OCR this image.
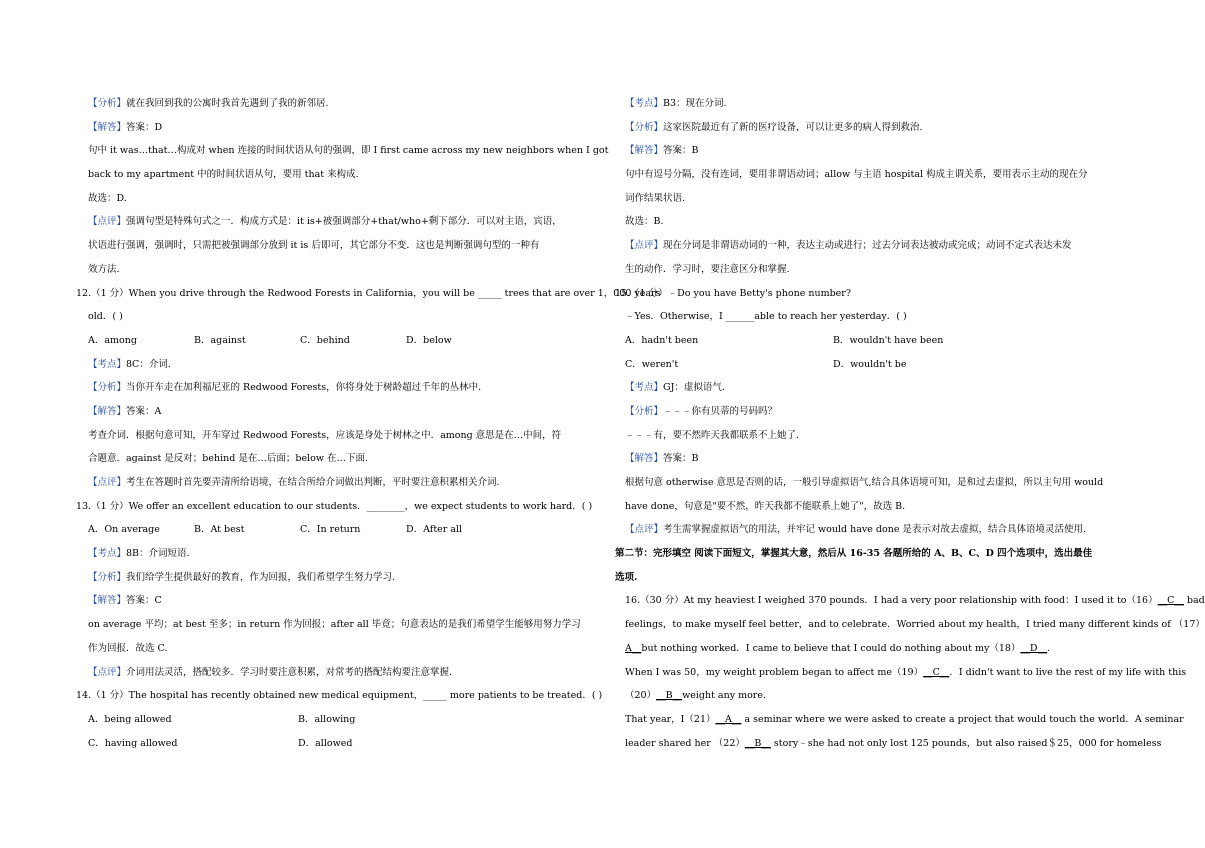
【分析】就在我回到我的公寓时我首先遇到了我的新邻居.
【解答】答案：D
句中 it was…that…构成对 when 连接的时间状语从句的强调，即 I first came across my new neighbors when I got
back to my apartment 中的时间状语从句，要用 that 来构成.
故选：D.
【点评】强调句型是特殊句式之一．构成方式是：it is+被强调部分+that/who+剩下部分．可以对主语，宾语，
状语进行强调，强调时，只需把被强调部分放到 it is 后即可，其它部分不变．这也是判断强调句型的一种有
效方法.
12.（1 分）When you drive through the Redwood Forests in California，you will be _____ trees that are over 1，000 years
old．( )
A．among	B．against	C．behind	D．below
【考点】8C：介词.
【分析】当你开车走在加利福尼亚的 Redwood Forests，你将身处于树龄超过千年的丛林中.
【解答】答案：A
考查介词．根据句意可知，开车穿过 Redwood Forests，应该是身处于树林之中．among 意思是在…中间，符
合题意．against 是反对；behind 是在…后面；below 在…下面.
【点评】考生在答题时首先要弄清所给语境，在结合所给介词做出判断，平时要注意积累相关介词.
13.（1 分）We offer an excellent education to our students．________，we expect students to work hard．( )
A．On average	B．At best	C．In return	D．After all
【考点】8B：介词短语.
【分析】我们给学生提供最好的教育，作为回报，我们希望学生努力学习.
【解答】答案：C
on average 平均；at best 至多；in return 作为回报；after all 毕竟；句意表达的是我们希望学生能够用努力学习
作为回报．故选 C.
【点评】介词用法灵活，搭配较多．学习时要注意积累，对常考的搭配结构要注意掌握.
14.（1 分）The hospital has recently obtained new medical equipment，_____ more patients to be treated．( )
A．being allowed	B．allowing
C．having allowed	D．allowed
【考点】B3：现在分词.
【分析】这家医院最近有了新的医疗设备，可以让更多的病人得到救治.
【解答】答案：B
句中有逗号分隔，没有连词，要用非谓语动词；allow 与主语 hospital 构成主谓关系，要用表示主动的现在分
词作结果状语.
故选：B.
【点评】现在分词是非谓语动词的一种，表达主动或进行；过去分词表达被动或完成；动词不定式表达未发
生的动作．学习时，要注意区分和掌握.
15.（1 分）﹣Do you have Betty's phone number?
﹣Yes．Otherwise，I ______able to reach her yesterday．( )
A．hadn't been	B．wouldn't have been
C．weren't	D．wouldn't be
【考点】GJ：虚拟语气.
【分析】﹣﹣﹣你有贝蒂的号码吗？
﹣﹣﹣有，要不然昨天我都联系不上她了.
【解答】答案：B
根据句意 otherwise 意思是否则的话，一般引导虚拟语气,结合具体语境可知，是和过去虚拟，所以主句用 would
have done，句意是"要不然，昨天我都不能联系上她了"，故选 B.
【点评】考生需掌握虚拟语气的用法，并牢记 would have done 是表示对故去虚拟，结合具体语境灵活使用.
第二节：完形填空 阅读下面短文，掌握其大意，然后从 16-35 各题所给的 A、B、C、D 四个选项中，选出最佳
选项.
16.（30 分）At my heaviest I weighed 370 pounds．I had a very poor relationship with food：I used it to（16）__C__ bad
feelings，to make myself feel better，and to celebrate．Worried about my health，I tried many different kinds of （17）
A__but nothing worked．I came to believe that I could do nothing about my（18）__D__.
When I was 50，my weight problem began to affect me（19）__C__．I didn't want to live the rest of my life with this
（20）__B__weight any more.
That year，I（21）__A__ a seminar where we were asked to create a project that would touch the world．A seminar
leader shared her （22）__B__ story﹣she had not only lost 125 pounds，but also raised＄25，000 for homeless
